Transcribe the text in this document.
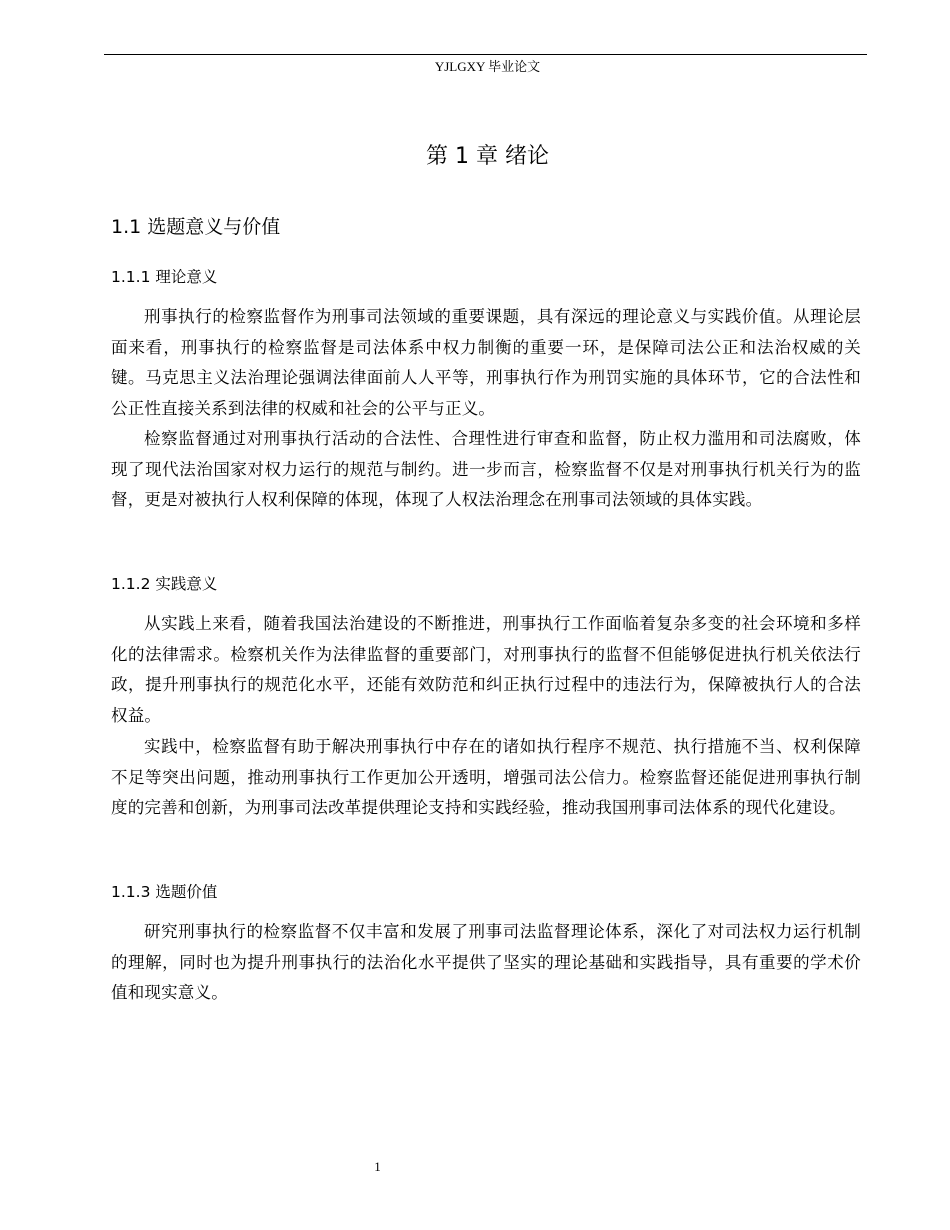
YJLGXY 毕业论文
第 1 章 绪论
1.1 选题意义与价值
1.1.1 理论意义

刑事执行的检察监督作为刑事司法领域的重要课题，具有深远的理论意义与实践价值。从理论层面来看，刑事执行的检察监督是司法体系中权力制衡的重要一环，是保障司法公正和法治权威的关键。马克思主义法治理论强调法律面前人人平等，刑事执行作为刑罚实施的具体环节，它的合法性和公正性直接关系到法律的权威和社会的公平与正义。

检察监督通过对刑事执行活动的合法性、合理性进行审查和监督，防止权力滥用和司法腐败，体现了现代法治国家对权力运行的规范与制约。进一步而言，检察监督不仅是对刑事执行机关行为的监督，更是对被执行人权利保障的体现，体现了人权法治理念在刑事司法领域的具体实践。

1.1.2 实践意义

从实践上来看，随着我国法治建设的不断推进，刑事执行工作面临着复杂多变的社会环境和多样化的法律需求。检察机关作为法律监督的重要部门，对刑事执行的监督不但能够促进执行机关依法行政，提升刑事执行的规范化水平，还能有效防范和纠正执行过程中的违法行为，保障被执行人的合法权益。

实践中，检察监督有助于解决刑事执行中存在的诸如执行程序不规范、执行措施不当、权利保障不足等突出问题，推动刑事执行工作更加公开透明，增强司法公信力。检察监督还能促进刑事执行制度的完善和创新，为刑事司法改革提供理论支持和实践经验，推动我国刑事司法体系的现代化建设。

1.1.3 选题价值

研究刑事执行的检察监督不仅丰富和发展了刑事司法监督理论体系，深化了对司法权力运行机制的理解，同时也为提升刑事执行的法治化水平提供了坚实的理论基础和实践指导，具有重要的学术价值和现实意义。

1
